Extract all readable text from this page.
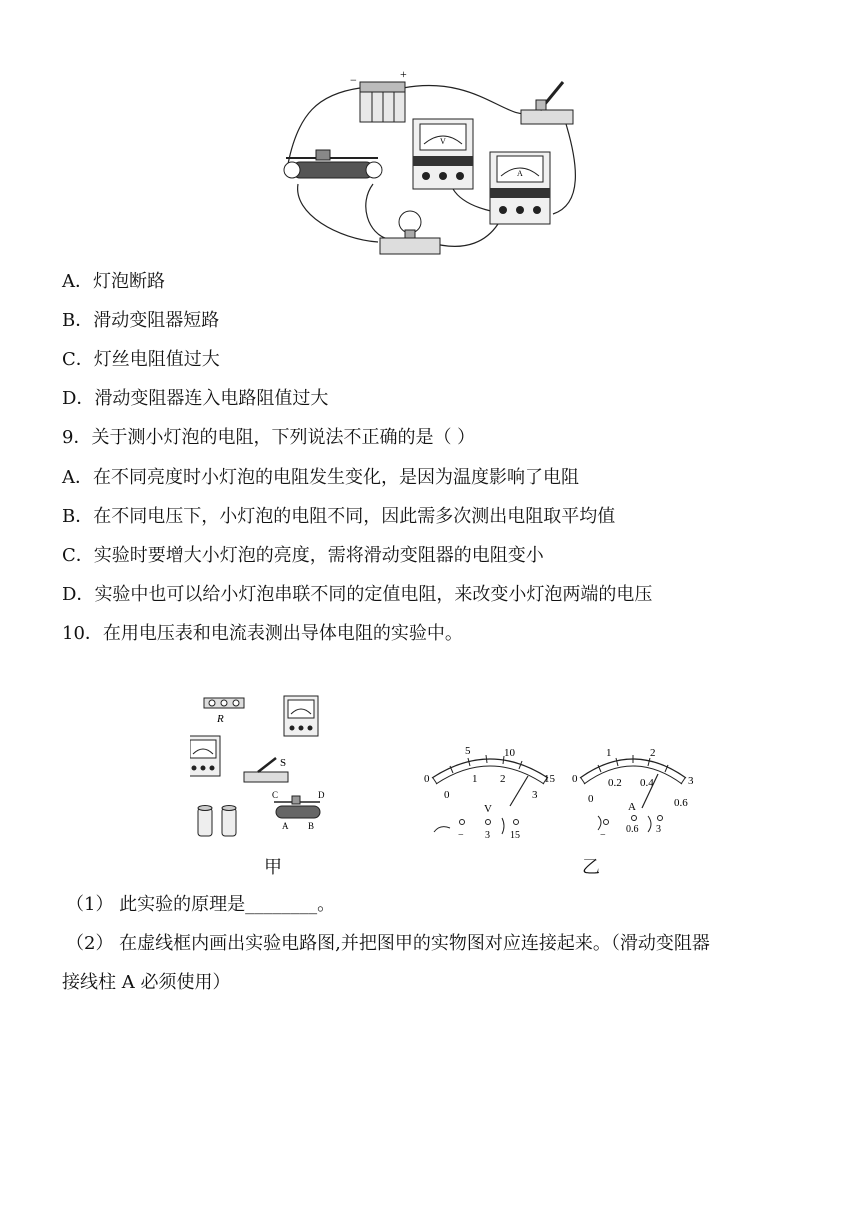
−	+
V
A
A．灯泡断路
B．滑动变阻器短路
C．灯丝电阻值过大
D．滑动变阻器连入电路阻值过大
9．关于测小灯泡的电阻，下列说法不正确的是（ ）
A．在不同亮度时小灯泡的电阻发生变化，是因为温度影响了电阻
B．在不同电压下，小灯泡的电阻不同，因此需多次测出电阻取平均值
C．实验时要增大小灯泡的亮度，需将滑动变阻器的电阻变小
D．实验中也可以给小灯泡串联不同的定值电阻，来改变小灯泡两端的电压
10．在用电压表和电流表测出导体电阻的实验中。
R
S
C	D
A B
0
5	10
15
0
1 2
3
V
− 3 15
0
1	2
3
0
0.2 0.4
0.6
A
−
0.6 3
甲	乙
（1） 此实验的原理是________。
（2） 在虚线框内画出实验电路图,并把图甲的实物图对应连接起来。（滑动变阻器
接线柱 A 必须使用）
